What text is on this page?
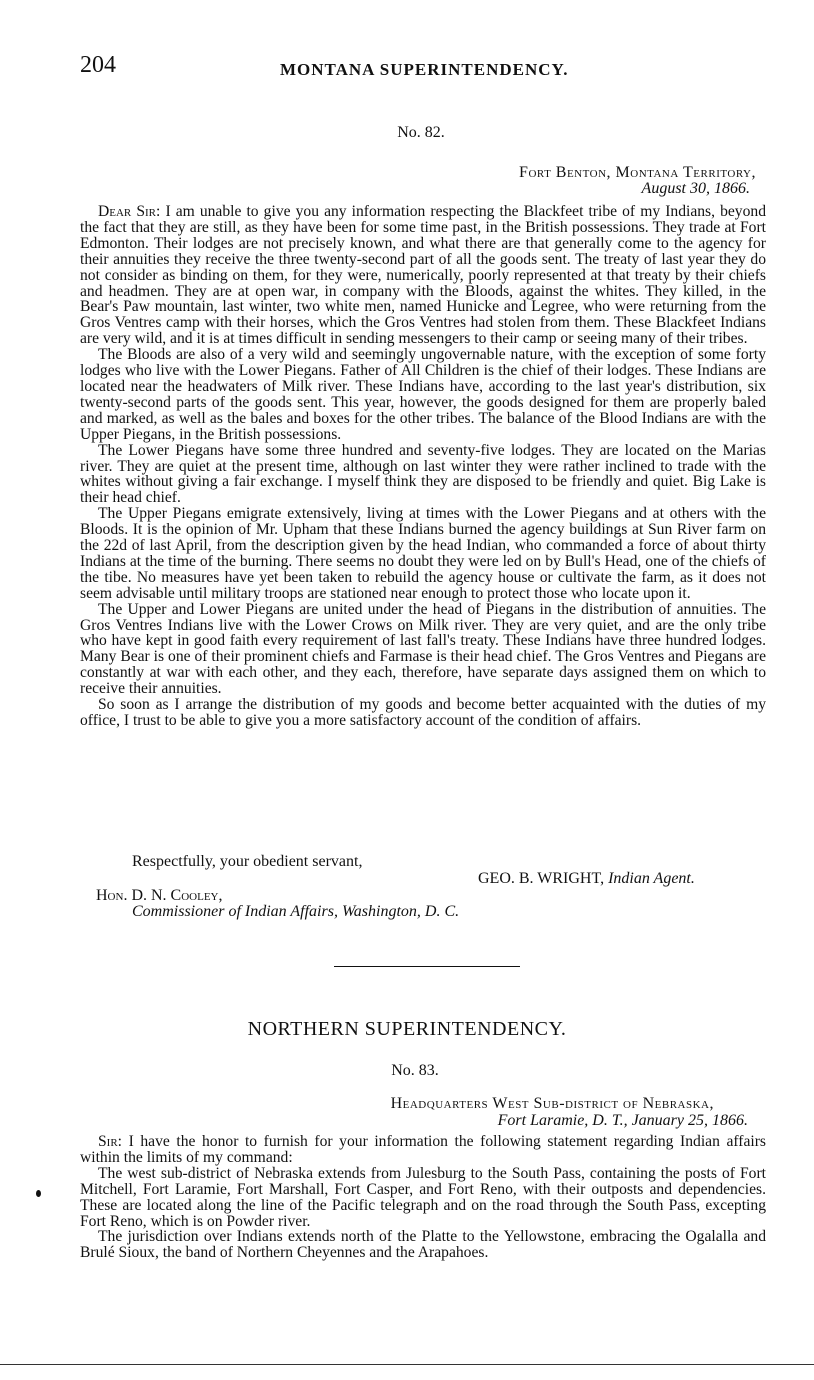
204	MONTANA SUPERINTENDENCY.
No. 82.
Fort Benton, Montana Territory,
August 30, 1866.

Dear Sir: I am unable to give you any information respecting the Blackfeet tribe of my Indians, beyond the fact that they are still, as they have been for some time past, in the British possessions. They trade at Fort Edmonton. Their lodges are not precisely known, and what there are that generally come to the agency for their annuities they receive the three twenty-second part of all the goods sent. The treaty of last year they do not consider as binding on them, for they were, numerically, poorly represented at that treaty by their chiefs and headmen. They are at open war, in company with the Bloods, against the whites. They killed, in the Bear's Paw mountain, last winter, two white men, named Hunicke and Legree, who were returning from the Gros Ventres camp with their horses, which the Gros Ventres had stolen from them. These Blackfeet Indians are very wild, and it is at times difficult in sending messengers to their camp or seeing many of their tribes.

The Bloods are also of a very wild and seemingly ungovernable nature, with the exception of some forty lodges who live with the Lower Piegans. Father of All Children is the chief of their lodges. These Indians are located near the headwaters of Milk river. These Indians have, according to the last year's distribution, six twenty-second parts of the goods sent. This year, however, the goods designed for them are properly baled and marked, as well as the bales and boxes for the other tribes. The balance of the Blood Indians are with the Upper Piegans, in the British possessions.

The Lower Piegans have some three hundred and seventy-five lodges. They are located on the Marias river. They are quiet at the present time, although on last winter they were rather inclined to trade with the whites without giving a fair exchange. I myself think they are disposed to be friendly and quiet. Big Lake is their head chief.

The Upper Piegans emigrate extensively, living at times with the Lower Piegans and at others with the Bloods. It is the opinion of Mr. Upham that these Indians burned the agency buildings at Sun River farm on the 22d of last April, from the description given by the head Indian, who commanded a force of about thirty Indians at the time of the burning. There seems no doubt they were led on by Bull's Head, one of the chiefs of the tibe. No measures have yet been taken to rebuild the agency house or cultivate the farm, as it does not seem advisable until military troops are stationed near enough to protect those who locate upon it.

The Upper and Lower Piegans are united under the head of Piegans in the distribution of annuities. The Gros Ventres Indians live with the Lower Crows on Milk river. They are very quiet, and are the only tribe who have kept in good faith every requirement of last fall's treaty. These Indians have three hundred lodges. Many Bear is one of their prominent chiefs and Farmase is their head chief. The Gros Ventres and Piegans are constantly at war with each other, and they each, therefore, have separate days assigned them on which to receive their annuities.

So soon as I arrange the distribution of my goods and become better acquainted with the duties of my office, I trust to be able to give you a more satisfactory account of the condition of affairs.

Respectfully, your obedient servant,
GEO. B. WRIGHT, Indian Agent.
Hon. D. N. Cooley,
Commissioner of Indian Affairs, Washington, D. C.
NORTHERN SUPERINTENDENCY.
No. 83.
Headquarters West Sub-district of Nebraska,
Fort Laramie, D. T., January 25, 1866.

Sir: I have the honor to furnish for your information the following statement regarding Indian affairs within the limits of my command:

The west sub-district of Nebraska extends from Julesburg to the South Pass, containing the posts of Fort Mitchell, Fort Laramie, Fort Marshall, Fort Casper, and Fort Reno, with their outposts and dependencies. These are located along the line of the Pacific telegraph and on the road through the South Pass, excepting Fort Reno, which is on Powder river.

The jurisdiction over Indians extends north of the Platte to the Yellowstone, embracing the Ogalalla and Brulé Sioux, the band of Northern Cheyennes and the Arapahoes.
